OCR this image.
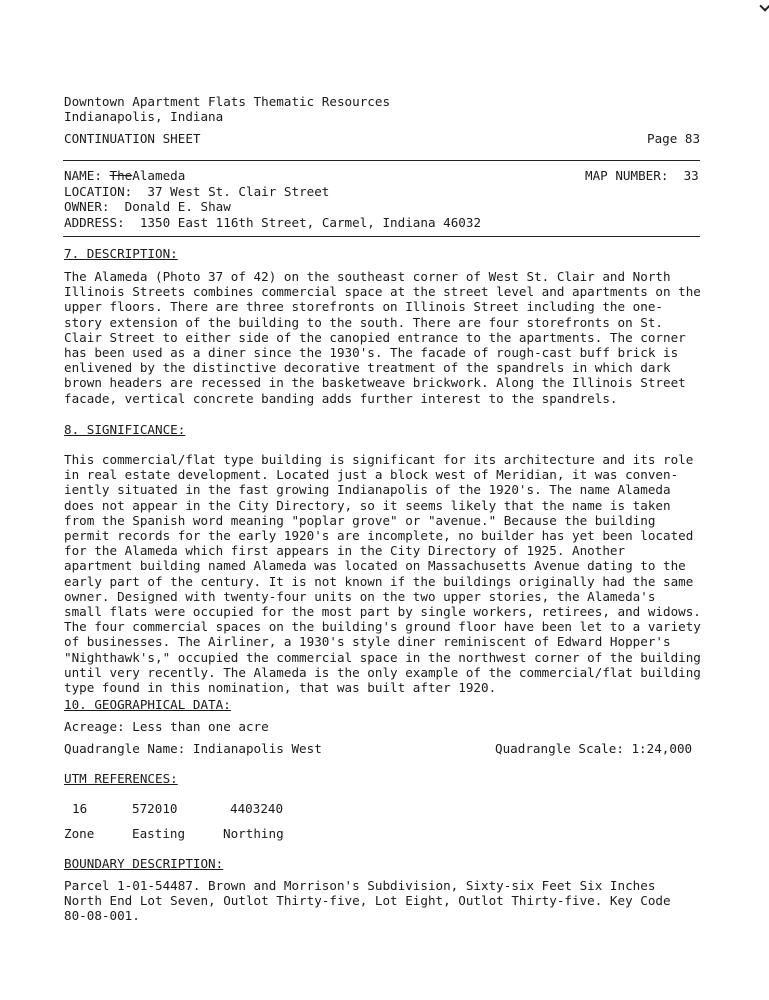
Downtown Apartment Flats Thematic Resources
Indianapolis, Indiana
CONTINUATION SHEET	Page 83
NAME: TheAlameda	MAP NUMBER: 33
LOCATION: 37 West St. Clair Street
OWNER: Donald E. Shaw
ADDRESS: 1350 East 116th Street, Carmel, Indiana 46032
7. DESCRIPTION:
The Alameda (Photo 37 of 42) on the southeast corner of West St. Clair and North
Illinois Streets combines commercial space at the street level and apartments on the
upper floors. There are three storefronts on Illinois Street including the one-
story extension of the building to the south. There are four storefronts on St.
Clair Street to either side of the canopied entrance to the apartments. The corner
has been used as a diner since the 1930's. The facade of rough-cast buff brick is
enlivened by the distinctive decorative treatment of the spandrels in which dark
brown headers are recessed in the basketweave brickwork. Along the Illinois Street
facade, vertical concrete banding adds further interest to the spandrels.
8. SIGNIFICANCE:
This commercial/flat type building is significant for its architecture and its role
in real estate development. Located just a block west of Meridian, it was conven-
iently situated in the fast growing Indianapolis of the 1920's. The name Alameda
does not appear in the City Directory, so it seems likely that the name is taken
from the Spanish word meaning "poplar grove" or "avenue." Because the building
permit records for the early 1920's are incomplete, no builder has yet been located
for the Alameda which first appears in the City Directory of 1925. Another
apartment building named Alameda was located on Massachusetts Avenue dating to the
early part of the century. It is not known if the buildings originally had the same
owner. Designed with twenty-four units on the two upper stories, the Alameda's
small flats were occupied for the most part by single workers, retirees, and widows.
The four commercial spaces on the building's ground floor have been let to a variety
of businesses. The Airliner, a 1930's style diner reminiscent of Edward Hopper's
"Nighthawk's," occupied the commercial space in the northwest corner of the building
until very recently. The Alameda is the only example of the commercial/flat building
type found in this nomination, that was built after 1920.
10. GEOGRAPHICAL DATA:
Acreage: Less than one acre
Quadrangle Name: Indianapolis West	Quadrangle Scale: 1:24,000
UTM REFERENCES:
16	572010	4403240
Zone	Easting	Northing
BOUNDARY DESCRIPTION:
Parcel 1-01-54487. Brown and Morrison's Subdivision, Sixty-six Feet Six Inches
North End Lot Seven, Outlot Thirty-five, Lot Eight, Outlot Thirty-five. Key Code
80-08-001.
